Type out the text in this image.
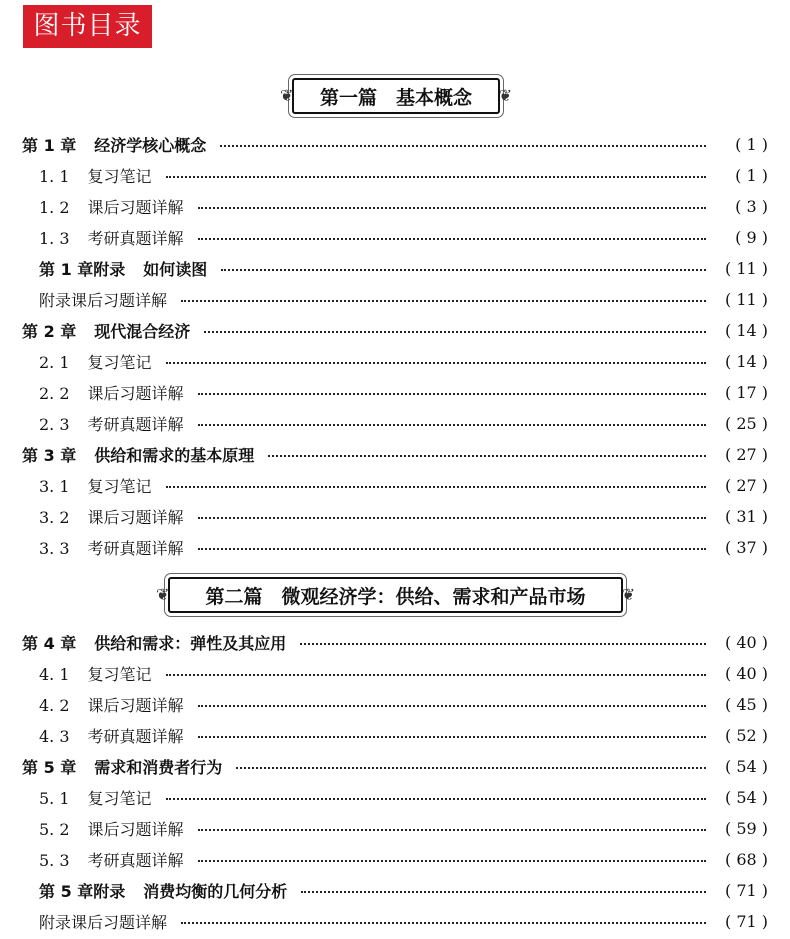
图书目录
❦ 第一篇　基本概念 ❦
❦ 第二篇　微观经济学：供给、需求和产品市场 ❦
第 1 章 经济学核心概念	( 1 )
1. 1 复习笔记	( 1 )
1. 2 课后习题详解	( 3 )
1. 3 考研真题详解	( 9 )
第 1 章附录 如何读图	( 11 )
附录课后习题详解	( 11 )
第 2 章 现代混合经济	( 14 )
2. 1 复习笔记	( 14 )
2. 2 课后习题详解	( 17 )
2. 3 考研真题详解	( 25 )
第 3 章 供给和需求的基本原理	( 27 )
3. 1 复习笔记	( 27 )
3. 2 课后习题详解	( 31 )
3. 3 考研真题详解	( 37 )
第 4 章 供给和需求：弹性及其应用	( 40 )
4. 1 复习笔记	( 40 )
4. 2 课后习题详解	( 45 )
4. 3 考研真题详解	( 52 )
第 5 章 需求和消费者行为	( 54 )
5. 1 复习笔记	( 54 )
5. 2 课后习题详解	( 59 )
5. 3 考研真题详解	( 68 )
第 5 章附录 消费均衡的几何分析	( 71 )
附录课后习题详解	( 71 )
